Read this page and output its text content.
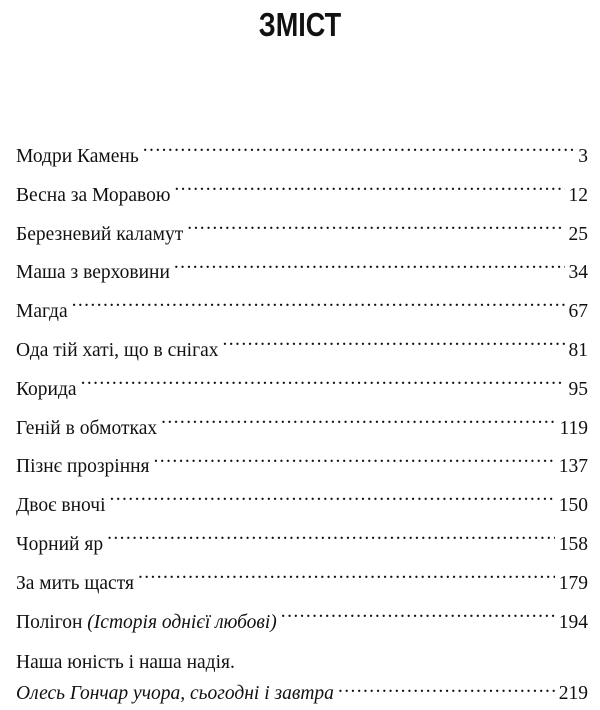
ЗМІСТ
Модри Камень .....	3
Весна за Моравою .....	12
Березневий каламут .....	25
Маша з верховини .....	34
Магда .....	67
Ода тій хаті, що в снігах .....	81
Корида .....	95
Геній в обмотках .....	119
Пізнє прозріння .....	137
Двоє вночі .....	150
Чорний яр .....	158
За мить щастя .....	179
Полігон (Історія однієї любові) .....	194
Наша юність і наша надія.
Олесь Гончар учора, сьогодні і завтра .....	219
